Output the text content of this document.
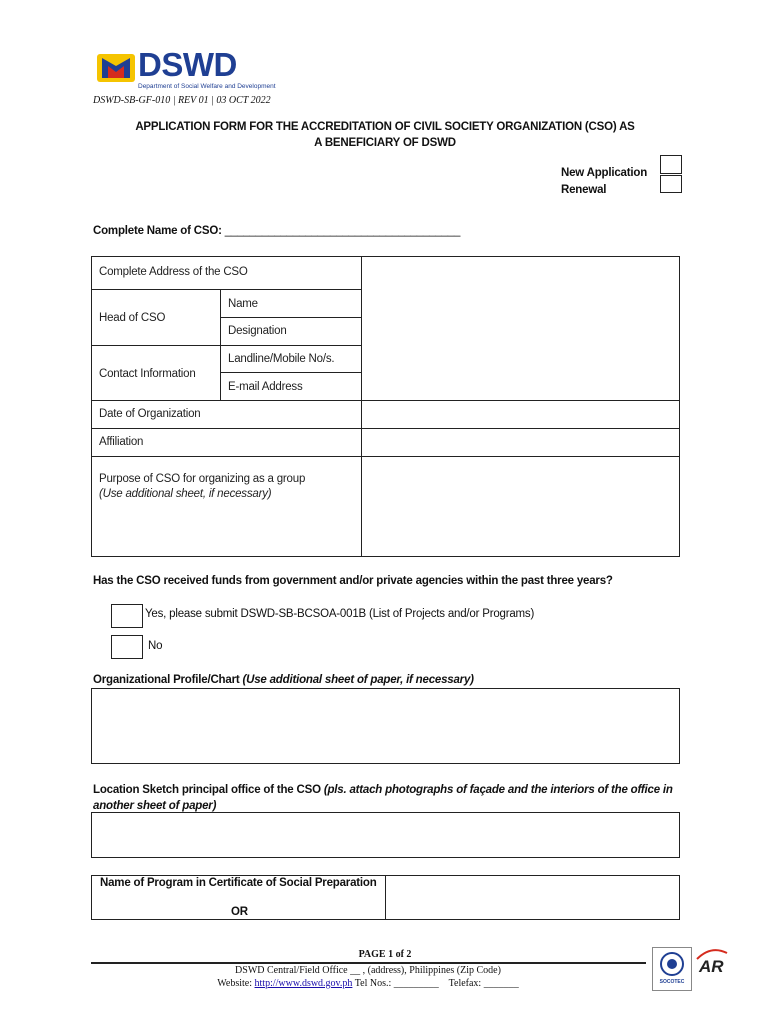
DSWD
Department of Social Welfare and Development
DSWD-SB-GF-010 | REV 01 | 03 OCT 2022
APPLICATION FORM FOR THE ACCREDITATION OF CIVIL SOCIETY ORGANIZATION (CSO) AS
A BENEFICIARY OF DSWD
New Application
Renewal
Complete Name of CSO: ______________________________________
Complete Address of the CSO
Head of CSO
Name
Designation
Contact Information
Landline/Mobile No/s.
E-mail Address
Date of Organization
Affiliation
Purpose of CSO for organizing as a group
(Use additional sheet, if necessary)
Has the CSO received funds from government and/or private agencies within the past three years?
Yes, please submit DSWD-SB-BCSOA-001B (List of Projects and/or Programs)
No
Organizational Profile/Chart (Use additional sheet of paper, if necessary)
Location Sketch principal office of the CSO (pls. attach photographs of façade and the interiors of the office in another sheet of paper)
Name of Program in Certificate of Social Preparation
OR
PAGE 1 of 2
DSWD Central/Field Office __ , (address), Philippines (Zip Code)
Website: http://www.dswd.gov.ph Tel Nos.: _________ Telefax: _______	SOCOTEC
AR
